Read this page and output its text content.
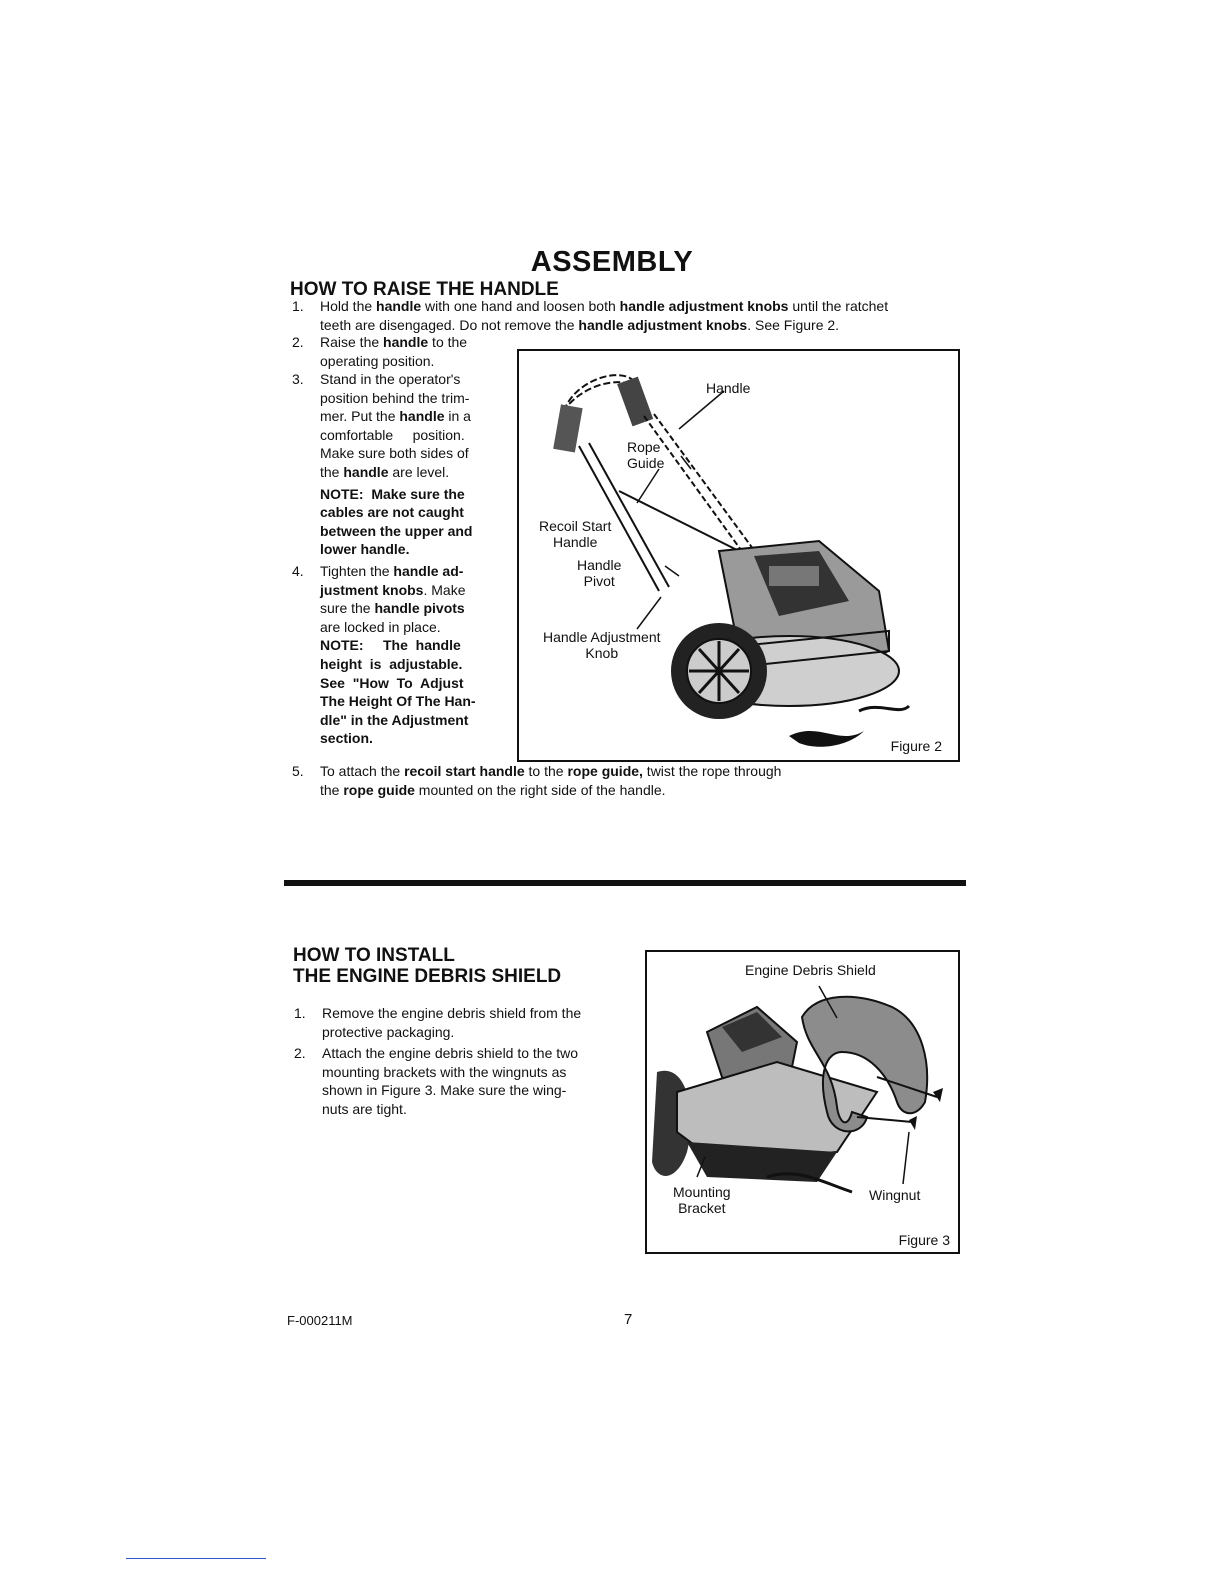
ASSEMBLY
HOW TO RAISE THE HANDLE
1. Hold the handle with one hand and loosen both handle adjustment knobs until the ratchet
teeth are disengaged. Do not remove the handle adjustment knobs. See Figure 2.
2. Raise the handle to the
operating position.
3. Stand in the operator's
position behind the trim-
mer. Put the handle in a
comfortable     position.
Make sure both sides of
the handle are level.
NOTE:  Make sure the
cables are not caught
between the upper and
lower handle.
4. Tighten the handle ad-
justment knobs. Make
sure the handle pivots
are locked in place.
NOTE:     The  handle
height  is  adjustable.
See  "How  To  Adjust
The Height Of The Han-
dle" in the Adjustment
section.
Handle
Rope
Guide
Recoil Start
Handle
Handle
Pivot
Handle Adjustment
Knob
Figure 2
5. To attach the recoil start handle to the rope guide, twist the rope through
the rope guide mounted on the right side of the handle.
HOW TO INSTALL
THE ENGINE DEBRIS SHIELD
1. Remove the engine debris shield from the
protective packaging.
2. Attach the engine debris shield to the two
mounting brackets with the wingnuts as
shown in Figure 3. Make sure the wing-
nuts are tight.
Engine Debris Shield
Mounting
Bracket
Wingnut
Figure 3
F-000211M	7
